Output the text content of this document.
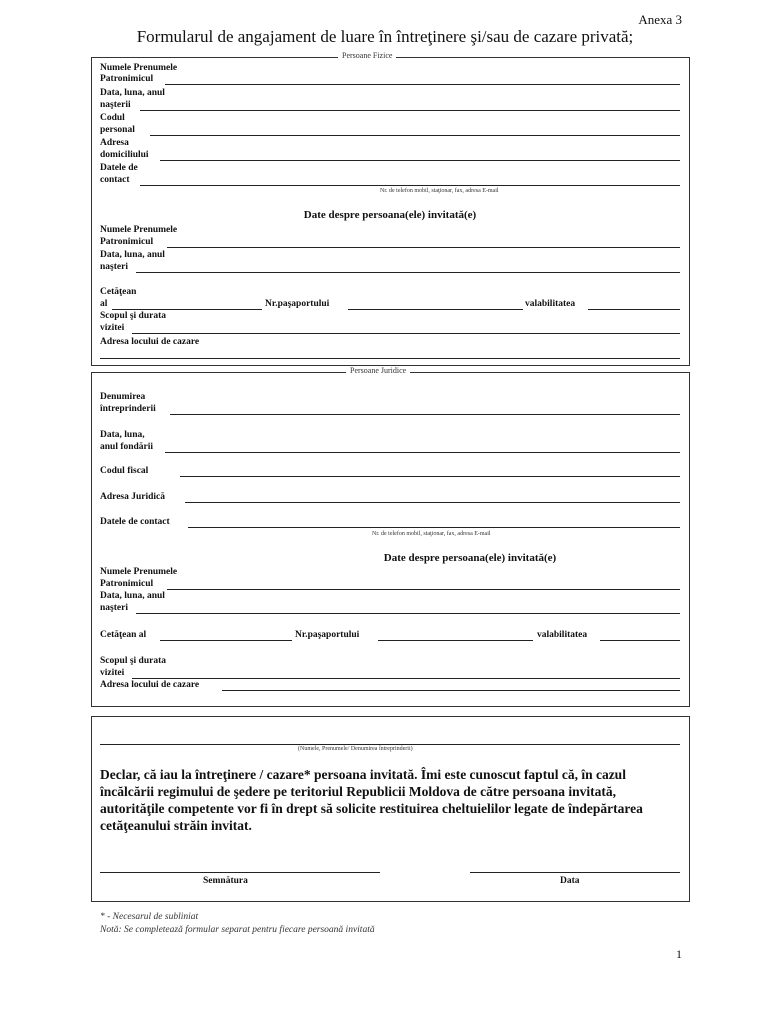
Anexa 3
Formularul de angajament de luare în întreţinere şi/sau de cazare privată;
Persoane Fizice
Numele Prenumele
Patronimicul
Data, luna, anul
naşterii
Codul
personal
Adresa
domiciliului
Datele de
contact
Nr. de telefon mobil, staţionar, fax, adresa E-mail
Date despre persoana(ele) invitată(e)
Numele Prenumele
Patronimicul
Data, luna, anul
naşteri
Cetăţean
al	Nr.paşaportului	valabilitatea
Scopul şi durata
vizitei
Adresa locului de cazare
Persoane Juridice
Denumirea
întreprinderii
Data, luna,
anul fondării
Codul fiscal
Adresa Juridică
Datele de contact
Nr. de telefon mobil, staţionar, fax, adresa E-mail
Date despre persoana(ele) invitată(e)
Numele Prenumele
Patronimicul
Data, luna, anul
naşteri
Cetăţean al	Nr.paşaportului	valabilitatea
Scopul şi durata
vizitei
Adresa locului de cazare
(Numele, Prenumele/ Denumirea întreprinderii)
Declar, că iau la întreţinere / cazare* persoana invitată. Îmi este cunoscut faptul că, în cazul încălcării regimului de şedere pe teritoriul Republicii Moldova de către persoana invitată, autorităţile competente vor fi în drept să solicite restituirea cheltuielilor legate de îndepărtarea cetăţeanului străin invitat.
Semnătura	Data
* - Necesarul de subliniat
Notă: Se completează formular separat pentru fiecare persoană invitată
1
